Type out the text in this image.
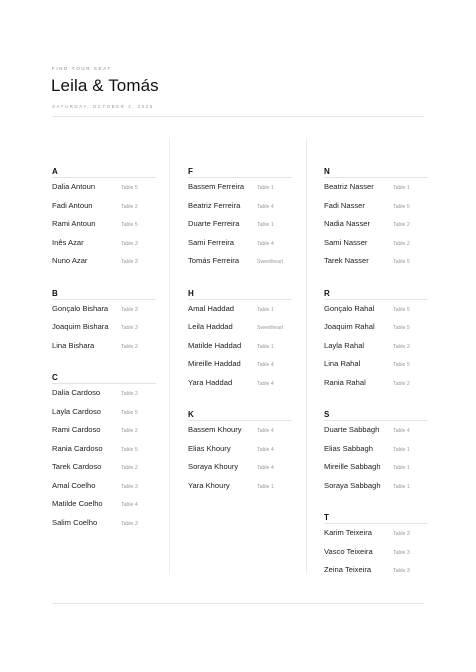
FIND YOUR SEAT
Leila & Tomás
SATURDAY, OCTOBER 3, 2026
A
Dalia Antoun	Table 5
Fadi Antoun	Table 2
Rami Antoun	Table 5
Inês Azar	Table 3
Nuno Azar	Table 3
B
Gonçalo Bishara	Table 3
Joaquim Bishara	Table 3
Lina Bishara	Table 2
C
Dalia Cardoso	Table 2
Layla Cardoso	Table 5
Rami Cardoso	Table 2
Rania Cardoso	Table 5
Tarek Cardoso	Table 2
Amal Coelho	Table 3
Matilde Coelho	Table 4
Salim Coelho	Table 3
F
Bassem Ferreira	Table 1
Beatriz Ferreira	Table 4
Duarte Ferreira	Table 1
Sami Ferreira	Table 4
Tomás Ferreira	Sweetheart
H
Amal Haddad	Table 1
Leila Haddad	Sweetheart
Matilde Haddad	Table 1
Mireille Haddad	Table 4
Yara Haddad	Table 4
K
Bassem Khoury	Table 4
Elias Khoury	Table 4
Soraya Khoury	Table 4
Yara Khoury	Table 1
N
Beatriz Nasser	Table 1
Fadi Nasser	Table 5
Nadia Nasser	Table 2
Sami Nasser	Table 2
Tarek Nasser	Table 5
R
Gonçalo Rahal	Table 5
Joaquim Rahal	Table 5
Layla Rahal	Table 2
Lina Rahal	Table 5
Rania Rahal	Table 2
S
Duarte Sabbagh	Table 4
Elias Sabbagh	Table 1
Mireille Sabbagh	Table 1
Soraya Sabbagh	Table 1
T
Karim Teixeira	Table 3
Vasco Teixeira	Table 3
Zeina Teixeira	Table 3
